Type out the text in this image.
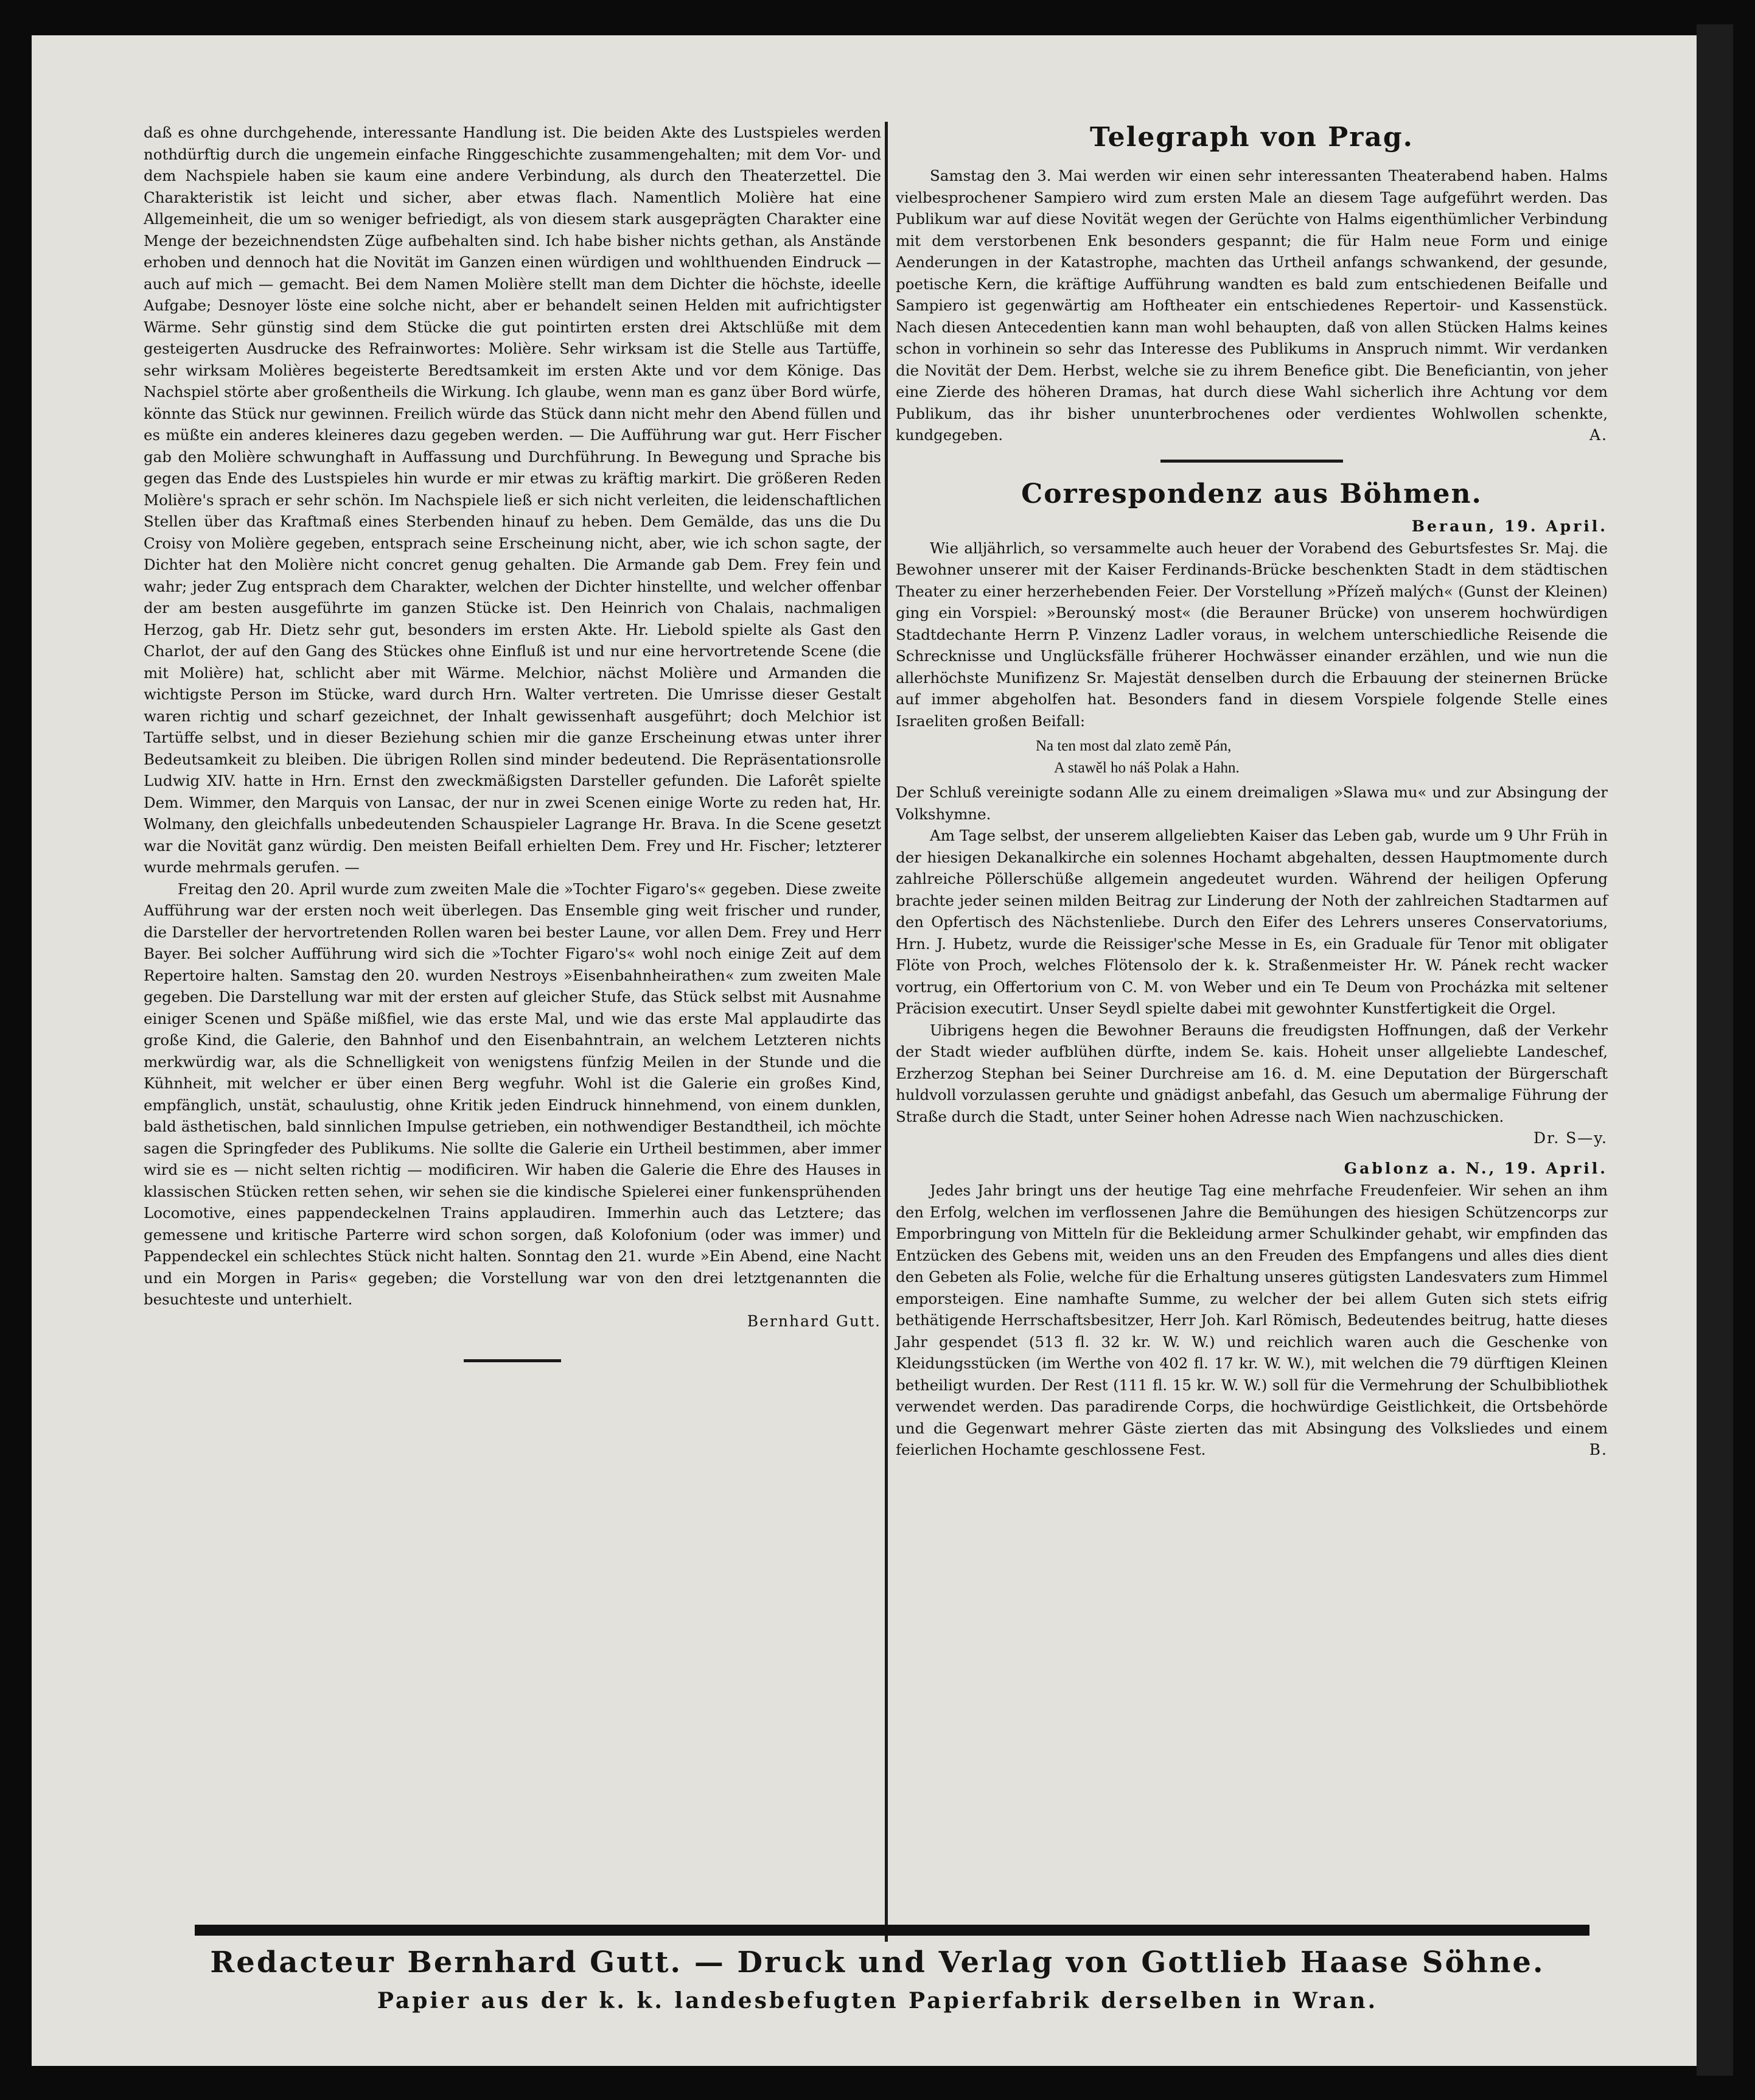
daß es ohne durchgehende, interessante Handlung ist. Die beiden Akte des Lustspieles werden nothdürftig durch die ungemein einfache Ringgeschichte zusammengehalten; mit dem Vor- und dem Nachspiele haben sie kaum eine andere Verbindung, als durch den Theaterzettel. Die Charakteristik ist leicht und sicher, aber etwas flach. Namentlich Molière hat eine Allgemeinheit, die um so weniger befriedigt, als von diesem stark ausgeprägten Charakter eine Menge der bezeichnendsten Züge aufbehalten sind. Ich habe bisher nichts gethan, als Anstände erhoben und dennoch hat die Novität im Ganzen einen würdigen und wohlthuenden Eindruck — auch auf mich — gemacht. Bei dem Namen Molière stellt man dem Dichter die höchste, ideelle Aufgabe; Desnoyer löste eine solche nicht, aber er behandelt seinen Helden mit aufrichtigster Wärme. Sehr günstig sind dem Stücke die gut pointirten ersten drei Aktschlüße mit dem gesteigerten Ausdrucke des Refrainwortes: Molière. Sehr wirksam ist die Stelle aus Tartüffe, sehr wirksam Molières begeisterte Beredtsamkeit im ersten Akte und vor dem Könige. Das Nachspiel störte aber großentheils die Wirkung. Ich glaube, wenn man es ganz über Bord würfe, könnte das Stück nur gewinnen. Freilich würde das Stück dann nicht mehr den Abend füllen und es müßte ein anderes kleineres dazu gegeben werden. — Die Aufführung war gut. Herr Fischer gab den Molière schwunghaft in Auffassung und Durchführung. In Bewegung und Sprache bis gegen das Ende des Lustspieles hin wurde er mir etwas zu kräftig markirt. Die größeren Reden Molière's sprach er sehr schön. Im Nachspiele ließ er sich nicht verleiten, die leidenschaftlichen Stellen über das Kraftmaß eines Sterbenden hinauf zu heben. Dem Gemälde, das uns die Du Croisy von Molière gegeben, entsprach seine Erscheinung nicht, aber, wie ich schon sagte, der Dichter hat den Molière nicht concret genug gehalten. Die Armande gab Dem. Frey fein und wahr; jeder Zug entsprach dem Charakter, welchen der Dichter hinstellte, und welcher offenbar der am besten ausgeführte im ganzen Stücke ist. Den Heinrich von Chalais, nachmaligen Herzog, gab Hr. Dietz sehr gut, besonders im ersten Akte. Hr. Liebold spielte als Gast den Charlot, der auf den Gang des Stückes ohne Einfluß ist und nur eine hervortretende Scene (die mit Molière) hat, schlicht aber mit Wärme. Melchior, nächst Molière und Armanden die wichtigste Person im Stücke, ward durch Hrn. Walter vertreten. Die Umrisse dieser Gestalt waren richtig und scharf gezeichnet, der Inhalt gewissenhaft ausgeführt; doch Melchior ist Tartüffe selbst, und in dieser Beziehung schien mir die ganze Erscheinung etwas unter ihrer Bedeutsamkeit zu bleiben. Die übrigen Rollen sind minder bedeutend. Die Repräsentationsrolle Ludwig XIV. hatte in Hrn. Ernst den zweckmäßigsten Darsteller gefunden. Die Laforêt spielte Dem. Wimmer, den Marquis von Lansac, der nur in zwei Scenen einige Worte zu reden hat, Hr. Wolmany, den gleichfalls unbedeutenden Schauspieler Lagrange Hr. Brava. In die Scene gesetzt war die Novität ganz würdig. Den meisten Beifall erhielten Dem. Frey und Hr. Fischer; letzterer wurde mehrmals gerufen. —

Freitag den 20. April wurde zum zweiten Male die »Tochter Figaro's« gegeben. Diese zweite Aufführung war der ersten noch weit überlegen. Das Ensemble ging weit frischer und runder, die Darsteller der hervortretenden Rollen waren bei bester Laune, vor allen Dem. Frey und Herr Bayer. Bei solcher Aufführung wird sich die »Tochter Figaro's« wohl noch einige Zeit auf dem Repertoire halten. Samstag den 20. wurden Nestroys »Eisenbahnheirathen« zum zweiten Male gegeben. Die Darstellung war mit der ersten auf gleicher Stufe, das Stück selbst mit Ausnahme einiger Scenen und Späße mißfiel, wie das erste Mal, und wie das erste Mal applaudirte das große Kind, die Galerie, den Bahnhof und den Eisenbahntrain, an welchem Letzteren nichts merkwürdig war, als die Schnelligkeit von wenigstens fünfzig Meilen in der Stunde und die Kühnheit, mit welcher er über einen Berg wegfuhr. Wohl ist die Galerie ein großes Kind, empfänglich, unstät, schaulustig, ohne Kritik jeden Eindruck hinnehmend, von einem dunklen, bald ästhetischen, bald sinnlichen Impulse getrieben, ein nothwendiger Bestandtheil, ich möchte sagen die Springfeder des Publikums. Nie sollte die Galerie ein Urtheil bestimmen, aber immer wird sie es — nicht selten richtig — modificiren. Wir haben die Galerie die Ehre des Hauses in klassischen Stücken retten sehen, wir sehen sie die kindische Spielerei einer funkensprühenden Locomotive, eines pappendeckelnen Trains applaudiren. Immerhin auch das Letztere; das gemessene und kritische Parterre wird schon sorgen, daß Kolofonium (oder was immer) und Pappendeckel ein schlechtes Stück nicht halten. Sonntag den 21. wurde »Ein Abend, eine Nacht und ein Morgen in Paris« gegeben; die Vorstellung war von den drei letztgenannten die besuchteste und unterhielt.

Bernhard Gutt.

Telegraph von Prag.

Samstag den 3. Mai werden wir einen sehr interessanten Theaterabend haben. Halms vielbesprochener Sampiero wird zum ersten Male an diesem Tage aufgeführt werden. Das Publikum war auf diese Novität wegen der Gerüchte von Halms eigenthümlicher Verbindung mit dem verstorbenen Enk besonders gespannt; die für Halm neue Form und einige Aenderungen in der Katastrophe, machten das Urtheil anfangs schwankend, der gesunde, poetische Kern, die kräftige Aufführung wandten es bald zum entschiedenen Beifalle und Sampiero ist gegenwärtig am Hoftheater ein entschiedenes Repertoir- und Kassenstück. Nach diesen Antecedentien kann man wohl behaupten, daß von allen Stücken Halms keines schon in vorhinein so sehr das Interesse des Publikums in Anspruch nimmt. Wir verdanken die Novität der Dem. Herbst, welche sie zu ihrem Benefice gibt. Die Beneficiantin, von jeher eine Zierde des höheren Dramas, hat durch diese Wahl sicherlich ihre Achtung vor dem Publikum, das ihr bisher ununterbrochenes oder verdientes Wohlwollen schenkte, kundgegeben.	A.

Correspondenz aus Böhmen.

Beraun, 19. April.

Wie alljährlich, so versammelte auch heuer der Vorabend des Geburtsfestes Sr. Maj. die Bewohner unserer mit der Kaiser Ferdinands-Brücke beschenkten Stadt in dem städtischen Theater zu einer herzerhebenden Feier. Der Vorstellung »Přízeň malých« (Gunst der Kleinen) ging ein Vorspiel: »Berounský most« (die Berauner Brücke) von unserem hochwürdigen Stadtdechante Herrn P. Vinzenz Ladler voraus, in welchem unterschiedliche Reisende die Schrecknisse und Unglücksfälle früherer Hochwässer einander erzählen, und wie nun die allerhöchste Munifizenz Sr. Majestät denselben durch die Erbauung der steinernen Brücke auf immer abgeholfen hat. Besonders fand in diesem Vorspiele folgende Stelle eines Israeliten großen Beifall:

Na ten most dal zlato země Pán,
A stawěl ho náš Polak a Hahn.

Der Schluß vereinigte sodann Alle zu einem dreimaligen »Slawa mu« und zur Absingung der Volkshymne.

Am Tage selbst, der unserem allgeliebten Kaiser das Leben gab, wurde um 9 Uhr Früh in der hiesigen Dekanalkirche ein solennes Hochamt abgehalten, dessen Hauptmomente durch zahlreiche Pöllerschüße allgemein angedeutet wurden. Während der heiligen Opferung brachte jeder seinen milden Beitrag zur Linderung der Noth der zahlreichen Stadtarmen auf den Opfertisch des Nächstenliebe. Durch den Eifer des Lehrers unseres Conservatoriums, Hrn. J. Hubetz, wurde die Reissiger'sche Messe in Es, ein Graduale für Tenor mit obligater Flöte von Proch, welches Flötensolo der k. k. Straßenmeister Hr. W. Pánek recht wacker vortrug, ein Offertorium von C. M. von Weber und ein Te Deum von Procházka mit seltener Präcision executirt. Unser Seydl spielte dabei mit gewohnter Kunstfertigkeit die Orgel.

Uibrigens hegen die Bewohner Berauns die freudigsten Hoffnungen, daß der Verkehr der Stadt wieder aufblühen dürfte, indem Se. kais. Hoheit unser allgeliebte Landeschef, Erzherzog Stephan bei Seiner Durchreise am 16. d. M. eine Deputation der Bürgerschaft huldvoll vorzulassen geruhte und gnädigst anbefahl, das Gesuch um abermalige Führung der Straße durch die Stadt, unter Seiner hohen Adresse nach Wien nachzuschicken.

Dr. S—y.

Gablonz a. N., 19. April.

Jedes Jahr bringt uns der heutige Tag eine mehrfache Freudenfeier. Wir sehen an ihm den Erfolg, welchen im verflossenen Jahre die Bemühungen des hiesigen Schützencorps zur Emporbringung von Mitteln für die Bekleidung armer Schulkinder gehabt, wir empfinden das Entzücken des Gebens mit, weiden uns an den Freuden des Empfangens und alles dies dient den Gebeten als Folie, welche für die Erhaltung unseres gütigsten Landesvaters zum Himmel emporsteigen. Eine namhafte Summe, zu welcher der bei allem Guten sich stets eifrig bethätigende Herrschaftsbesitzer, Herr Joh. Karl Römisch, Bedeutendes beitrug, hatte dieses Jahr gespendet (513 fl. 32 kr. W. W.) und reichlich waren auch die Geschenke von Kleidungsstücken (im Werthe von 402 fl. 17 kr. W. W.), mit welchen die 79 dürftigen Kleinen betheiligt wurden. Der Rest (111 fl. 15 kr. W. W.) soll für die Vermehrung der Schulbibliothek verwendet werden. Das paradirende Corps, die hochwürdige Geistlichkeit, die Ortsbehörde und die Gegenwart mehrer Gäste zierten das mit Absingung des Volksliedes und einem feierlichen Hochamte geschlossene Fest.	B.

Redacteur Bernhard Gutt. — Druck und Verlag von Gottlieb Haase Söhne.
Papier aus der k. k. landesbefugten Papierfabrik derselben in Wran.
